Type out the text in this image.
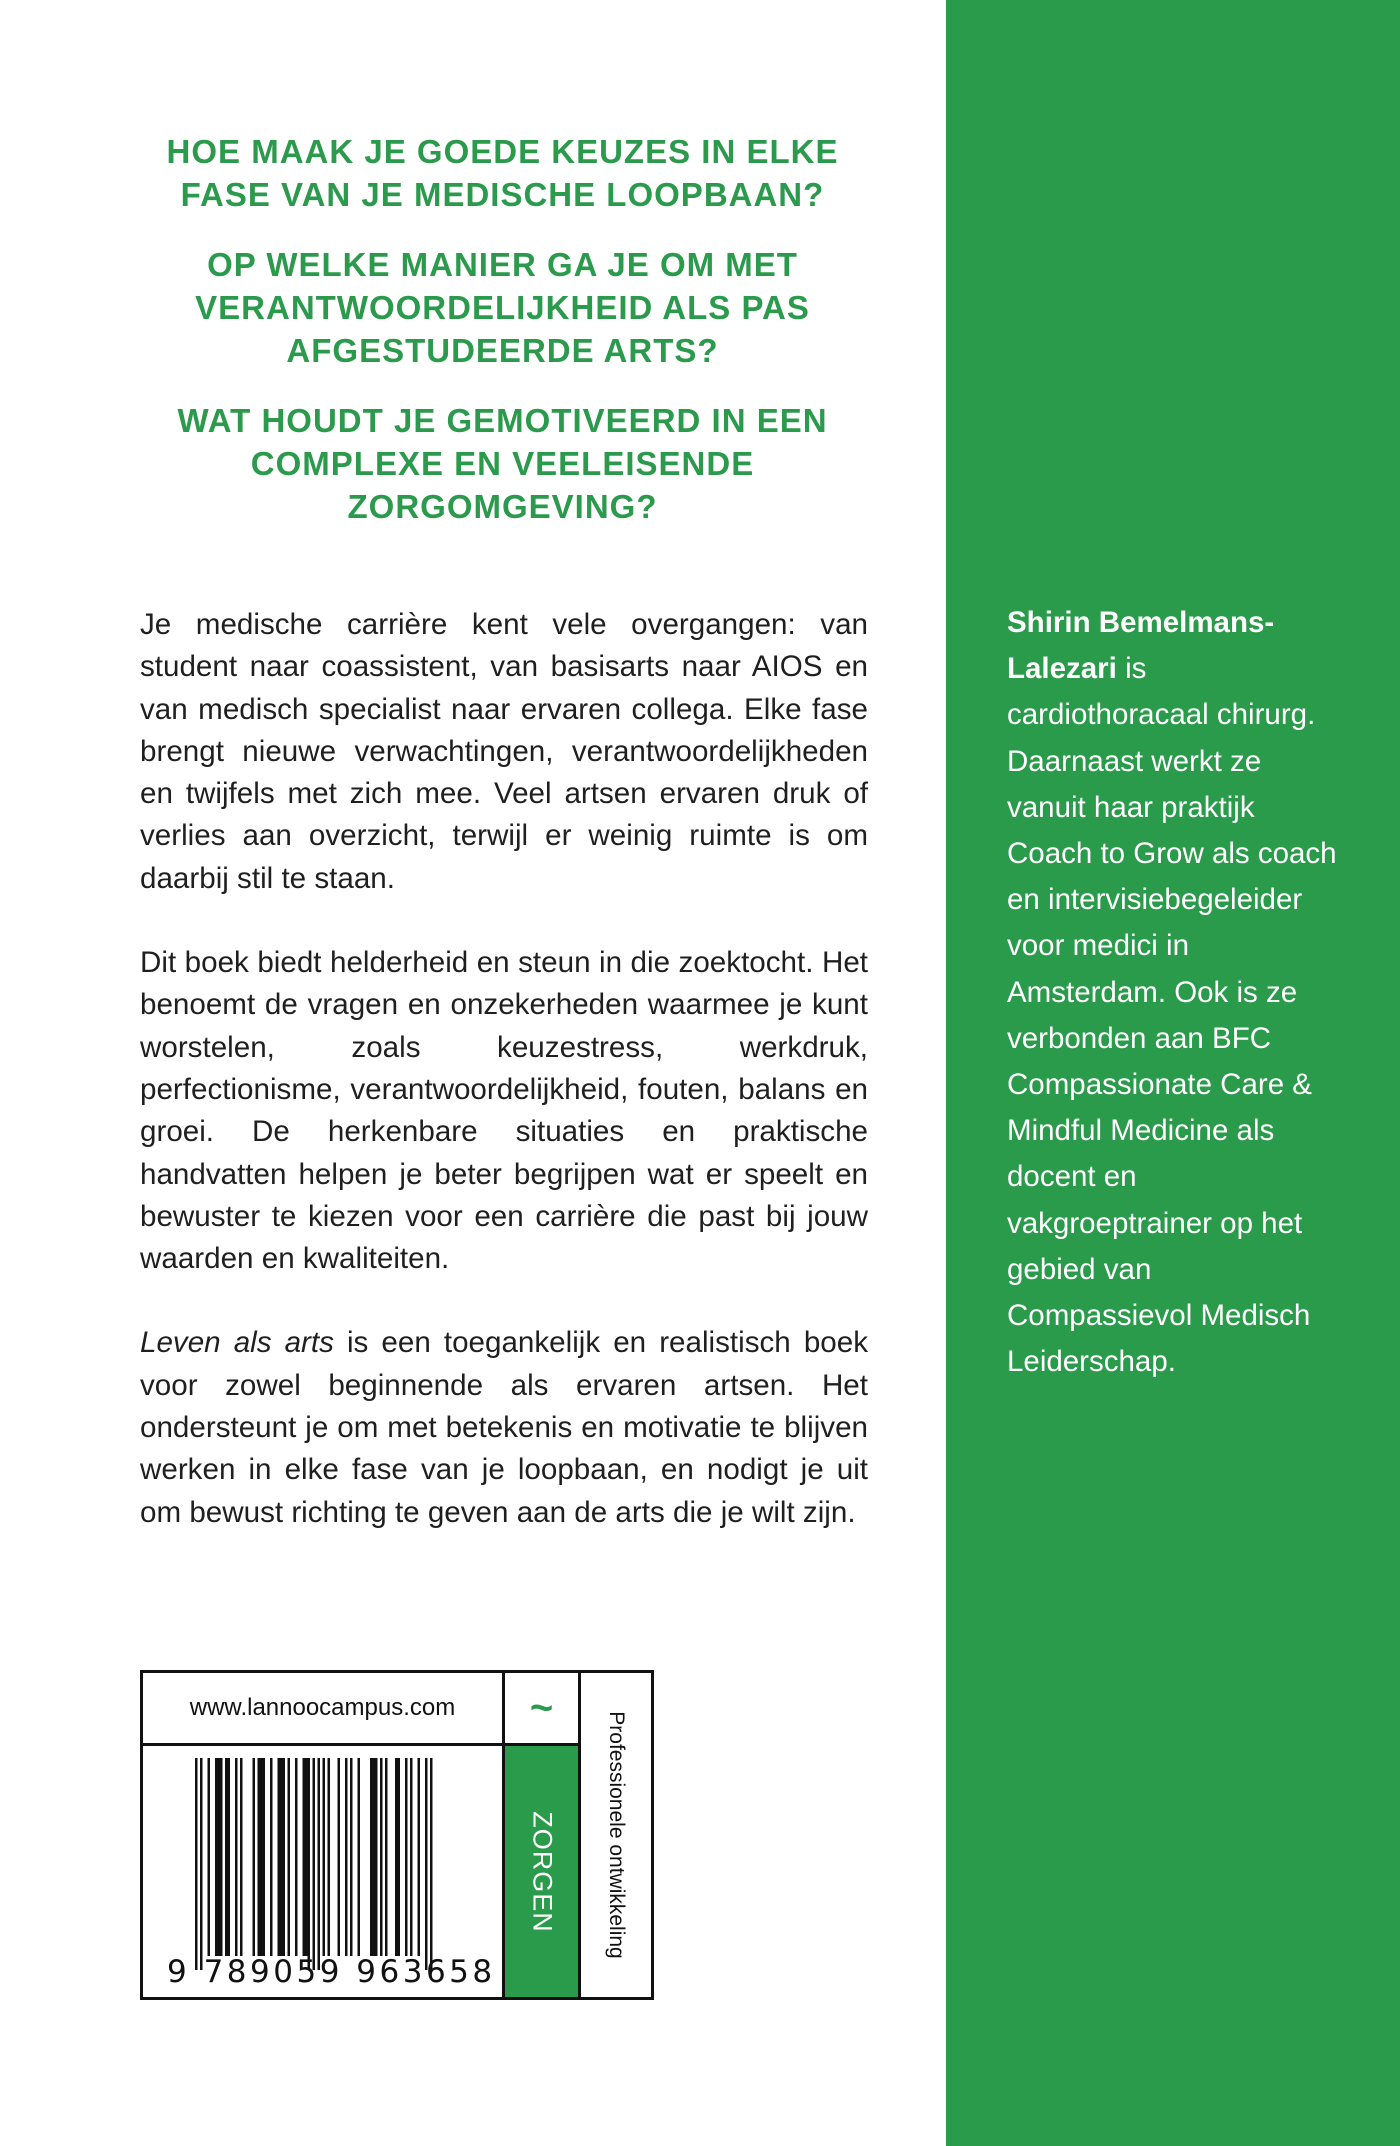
HOE MAAK JE GOEDE KEUZES IN ELKE FASE VAN JE MEDISCHE LOOPBAAN?

OP WELKE MANIER GA JE OM MET VERANTWOORDELIJKHEID ALS PAS AFGESTUDEERDE ARTS?

WAT HOUDT JE GEMOTIVEERD IN EEN COMPLEXE EN VEELEISENDE ZORGOMGEVING?

Je medische carrière kent vele overgangen: van student naar coassistent, van basisarts naar AIOS en van medisch specialist naar ervaren collega. Elke fase brengt nieuwe verwachtingen, verantwoordelijkheden en twijfels met zich mee. Veel artsen ervaren druk of verlies aan overzicht, terwijl er weinig ruimte is om daarbij stil te staan.

Dit boek biedt helderheid en steun in die zoektocht. Het benoemt de vragen en onzekerheden waarmee je kunt worstelen, zoals keuzestress, werkdruk, perfectionisme, verantwoordelijkheid, fouten, balans en groei. De herkenbare situaties en praktische handvatten helpen je beter begrijpen wat er speelt en bewuster te kiezen voor een carrière die past bij jouw waarden en kwaliteiten.

Leven als arts is een toegankelijk en realistisch boek voor zowel beginnende als ervaren artsen. Het ondersteunt je om met betekenis en motivatie te blijven werken in elke fase van je loopbaan, en nodigt je uit om bewust richting te geven aan de arts die je wilt zijn.

Shirin Bemelmans-Lalezari is cardiothoracaal chirurg. Daarnaast werkt ze vanuit haar praktijk Coach to Grow als coach en intervisiebegeleider voor medici in Amsterdam. Ook is ze verbonden aan BFC Compassionate Care & Mindful Medicine als docent en vakgroeptrainer op het gebied van Compassievol Medisch Leiderschap.
www.lannoocampus.com	~
Professionele ontwikkeling
9 789059 963658
ZORGEN
